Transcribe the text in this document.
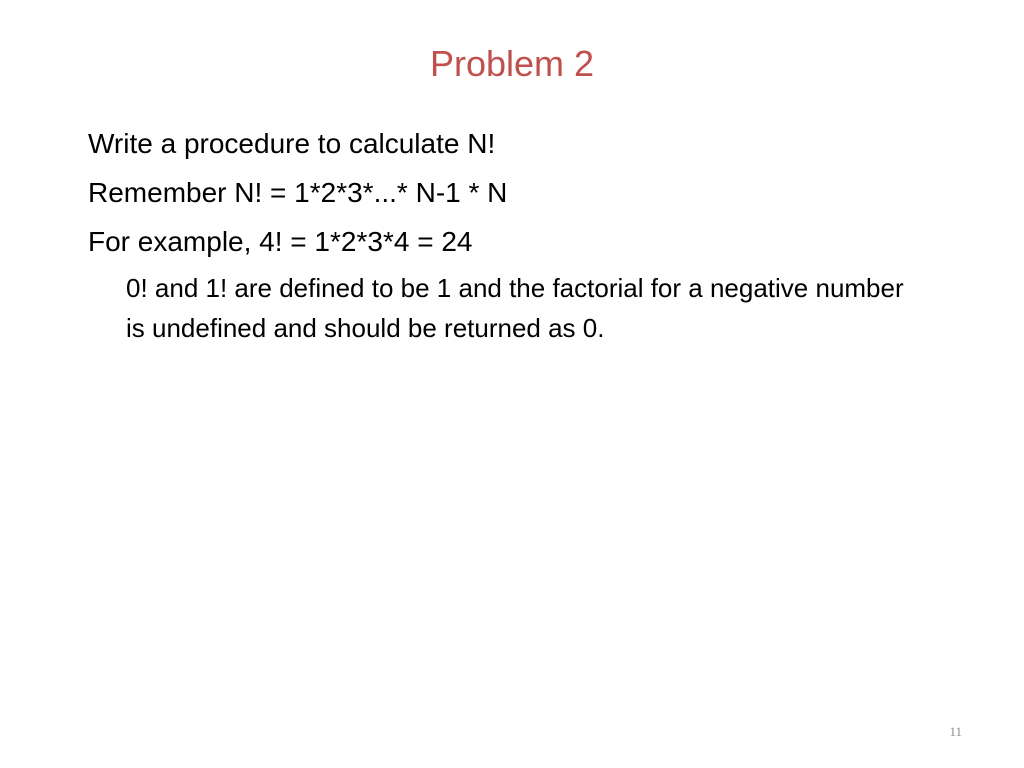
Problem 2
Write a procedure to calculate N!
Remember N! = 1*2*3*...* N-1 * N
For example, 4! = 1*2*3*4 = 24
0! and 1! are defined to be 1 and the factorial for a negative number is undefined and should be returned as 0.
11
